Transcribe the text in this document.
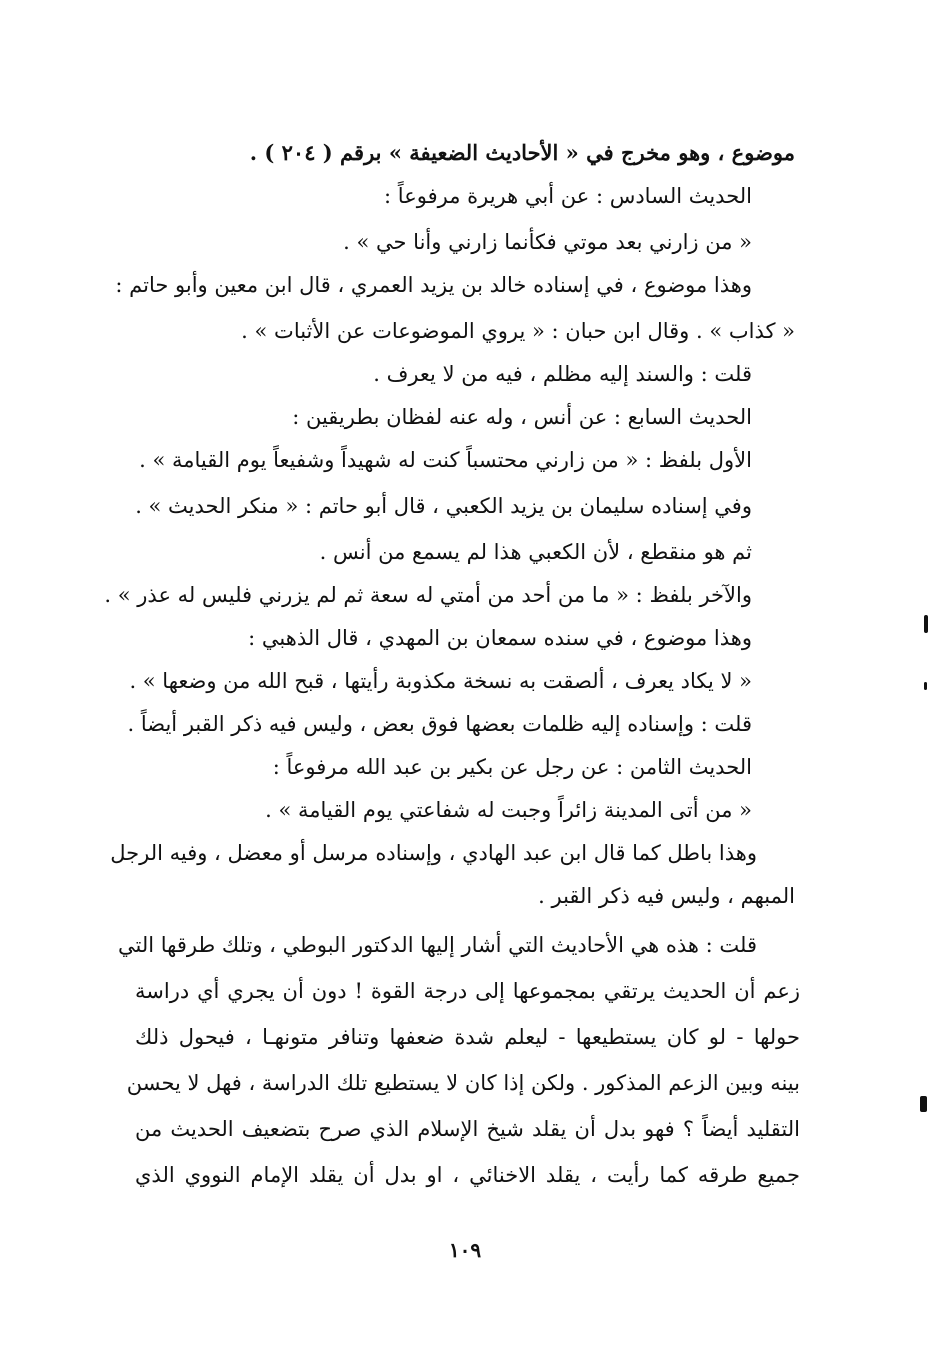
موضوع ، وهو مخرج في « الأحاديث الضعيفة » برقم ( ٢٠٤ ) .
الحديث السادس : عن أبي هريرة مرفوعاً :
« من زارني بعد موتي فكأنما زارني وأنا حي » .
وهذا موضوع ، في إسناده خالد بن يزيد العمري ، قال ابن معين وأبو حاتم :
« كذاب » . وقال ابن حبان : « يروي الموضوعات عن الأثبات » .
قلت : والسند إليه مظلم ، فيه من لا يعرف .
الحديث السابع : عن أنس ، وله عنه لفظان بطريقين :
الأول بلفظ : « من زارني محتسباً كنت له شهيداً وشفيعاً يوم القيامة » .
وفي إسناده سليمان بن يزيد الكعبي ، قال أبو حاتم : « منكر الحديث » .
ثم هو منقطع ، لأن الكعبي هذا لم يسمع من أنس .
والآخر بلفظ : « ما من أحد من أمتي له سعة ثم لم يزرني فليس له عذر » .
وهذا موضوع ، في سنده سمعان بن المهدي ، قال الذهبي :
« لا يكاد يعرف ، ألصقت به نسخة مكذوبة رأيتها ، قبح الله من وضعها » .
قلت : وإسناده إليه ظلمات بعضها فوق بعض ، وليس فيه ذكر القبر أيضاً .
الحديث الثامن : عن رجل عن بكير بن عبد الله مرفوعاً :
« من أتى المدينة زائراً وجبت له شفاعتي يوم القيامة » .
وهذا باطل كما قال ابن عبد الهادي ، وإسناده مرسل أو معضل ، وفيه الرجل
المبهم ، وليس فيه ذكر القبر .
قلت : هذه هي الأحاديث التي أشار إليها الدكتور البوطي ، وتلك طرقها التي
زعم أن الحديث يرتقي بمجموعها إلى درجة القوة ! دون أن يجري أي دراسة
حولها - لو كان يستطيعها - ليعلم شدة ضعفها وتنافر متونهـا ، فيحول ذلك
بينه وبين الزعم المذكور . ولكن إذا كان لا يستطيع تلك الدراسة ، فهل لا يحسن
التقليد أيضاً ؟ فهو بدل أن يقلد شيخ الإسلام الذي صرح بتضعيف الحديث من
جميع طرقه كما رأيت ، يقلد الاخنائي ، او بدل أن يقلد الإمام النووي الذي
١٠٩
